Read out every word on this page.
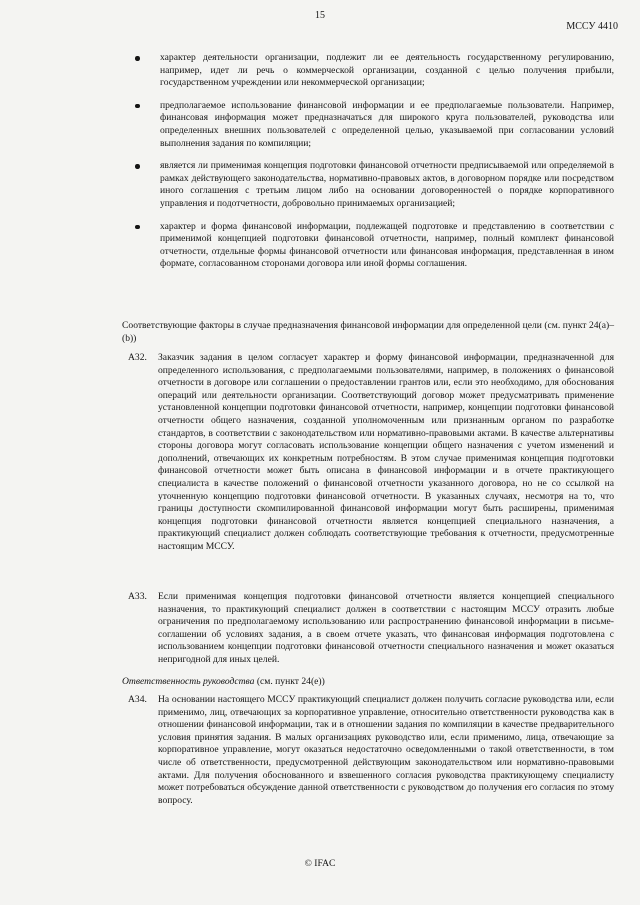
15
МССУ 4410
характер деятельности организации, подлежит ли ее деятельность государственному регулированию, например, идет ли речь о коммерческой организации, созданной с целью получения прибыли, государственном учреждении или некоммерческой организации;
предполагаемое использование финансовой информации и ее предполагаемые пользователи. Например, финансовая информация может предназначаться для широкого круга пользователей, руководства или определенных внешних пользователей с определенной целью, указываемой при согласовании условий выполнения задания по компиляции;
является ли применимая концепция подготовки финансовой отчетности предписываемой или определяемой в рамках действующего законодательства, нормативно-правовых актов, в договорном порядке или посредством иного соглашения с третьим лицом либо на основании договоренностей о порядке корпоративного управления и подотчетности, добровольно принимаемых организацией;
характер и форма финансовой информации, подлежащей подготовке и представлению в соответствии с применимой концепцией подготовки финансовой отчетности, например, полный комплект финансовой отчетности, отдельные формы финансовой отчетности или финансовая информация, представленная в ином формате, согласованном сторонами договора или иной формы соглашения.
Соответствующие факторы в случае предназначения финансовой информации для определенной цели (см. пункт 24(а)–(b))
A32. Заказчик задания в целом согласует характер и форму финансовой информации, предназначенной для определенного использования, с предполагаемыми пользователями, например, в положениях о финансовой отчетности в договоре или соглашении о предоставлении грантов или, если это необходимо, для обоснования операций или деятельности организации. Соответствующий договор может предусматривать применение установленной концепции подготовки финансовой отчетности, например, концепции подготовки финансовой отчетности общего назначения, созданной уполномоченным или признанным органом по разработке стандартов, в соответствии с законодательством или нормативно-правовыми актами. В качестве альтернативы стороны договора могут согласовать использование концепции общего назначения с учетом изменений и дополнений, отвечающих их конкретным потребностям. В этом случае применимая концепция подготовки финансовой отчетности может быть описана в финансовой информации и в отчете практикующего специалиста в качестве положений о финансовой отчетности указанного договора, но не со ссылкой на уточненную концепцию подготовки финансовой отчетности. В указанных случаях, несмотря на то, что границы доступности скомпилированной финансовой информации могут быть расширены, применимая концепция подготовки финансовой отчетности является концепцией специального назначения, а практикующий специалист должен соблюдать соответствующие требования к отчетности, предусмотренные настоящим МССУ.
A33. Если применимая концепция подготовки финансовой отчетности является концепцией специального назначения, то практикующий специалист должен в соответствии с настоящим МССУ отразить любые ограничения по предполагаемому использованию или распространению финансовой информации в письме-соглашении об условиях задания, а в своем отчете указать, что финансовая информация подготовлена с использованием концепции подготовки финансовой отчетности специального назначения и может оказаться непригодной для иных целей.
Ответственность руководства (см. пункт 24(е))
A34. На основании настоящего МССУ практикующий специалист должен получить согласие руководства или, если применимо, лиц, отвечающих за корпоративное управление, относительно ответственности руководства как в отношении финансовой информации, так и в отношении задания по компиляции в качестве предварительного условия принятия задания. В малых организациях руководство или, если применимо, лица, отвечающие за корпоративное управление, могут оказаться недостаточно осведомленными о такой ответственности, в том числе об ответственности, предусмотренной действующим законодательством или нормативно-правовыми актами. Для получения обоснованного и взвешенного согласия руководства практикующему специалисту может потребоваться обсуждение данной ответственности с руководством до получения его согласия по этому вопросу.
© IFAC
